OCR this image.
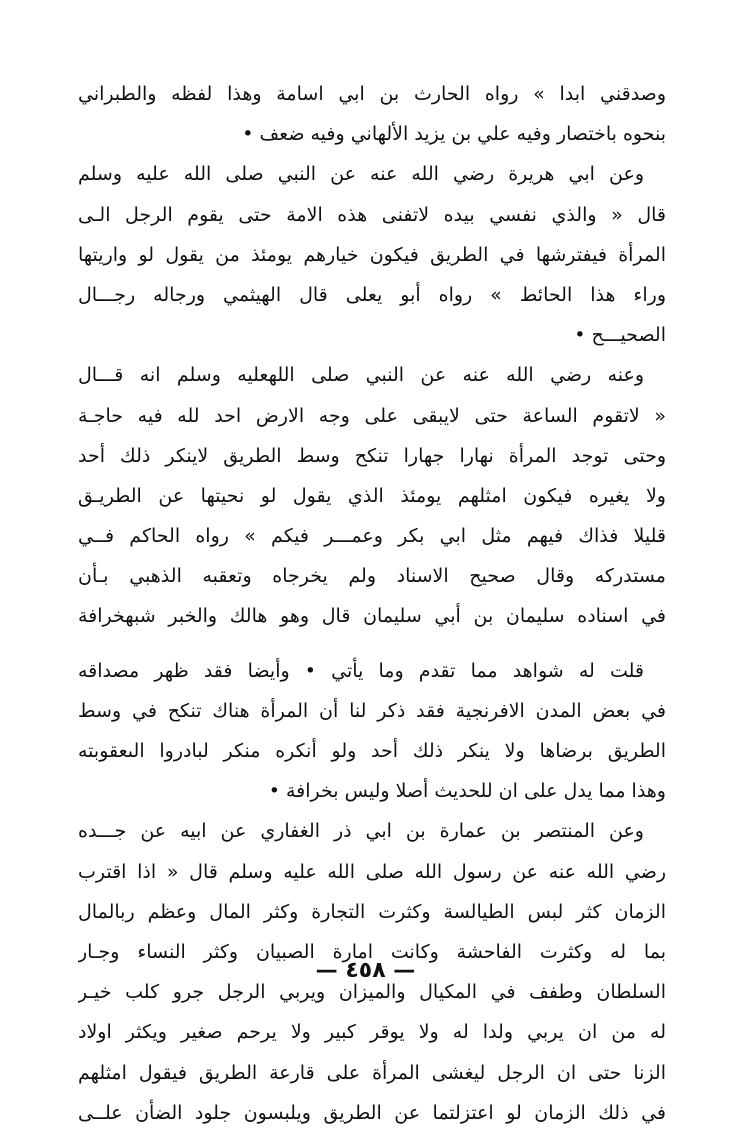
وصدقني ابدا » رواه الحارث بن ابي اسامة وهذا لفظه والطبراني
بنحوه باختصار وفيه علي بن يزيد الألهاني وفيه ضعف •
وعن ابي هريرة رضي الله عنه عن النبي صلى الله عليه وسلم
قال « والذي نفسي بيده لاتفنى هذه الامة حتى يقوم الرجل الـى
المرأة فيفترشها في الطريق فيكون خيارهم يومئذ من يقول لو واريتها
وراء هذا الحائط » رواه أبو يعلى قال الهيثمي ورجاله رجـــال
الصحيـــح •
وعنه رضي الله عنه عن النبي صلى اللهعليه وسلم انه قـــال
« لاتقوم الساعة حتى لايبقى على وجه الارض احد لله فيه حاجـة
وحتى توجد المرأة نهارا جهارا تنكح وسط الطريق لاينكر ذلك أحد
ولا يغيره فيكون امثلهم يومئذ الذي يقول لو نحيتها عن الطريـق
قليلا فذاك فيهم مثل ابي بكر وعمـــر فيكم » رواه الحاكم فــي
مستدركه وقال صحيح الاسناد ولم يخرجاه وتعقبه الذهبي بـأن
في اسناده سليمان بن أبي سليمان قال وهو هالك والخبر شبهخرافة
قلت له شواهد مما تقدم وما يأتي • وأيضا فقد ظهر مصداقه
في بعض المدن الافرنجية فقد ذكر لنا أن المرأة هناك تنكح في وسط
الطريق برضاها ولا ينكر ذلك أحد ولو أنكره منكر لبادروا الىعقوبته
وهذا مما يدل على ان للحديث أصلا وليس بخرافة •
وعن المنتصر بن عمارة بن ابي ذر الغفاري عن ابيه عن جـــده
رضي الله عنه عن رسول الله صلى الله عليه وسلم قال « اذا اقترب
الزمان كثر لبس الطيالسة وكثرت التجارة وكثر المال وعظم ربالمال
بما له وكثرت الفاحشة وكانت امارة الصبيان وكثر النساء وجـار
السلطان وطفف في المكيال والميزان ويربي الرجل جرو كلب خيـر
له من ان يربي ولدا له ولا يوقر كبير ولا يرحم صغير ويكثر اولاد
الزنا حتى ان الرجل ليغشى المرأة على قارعة الطريق فيقول امثلهم
في ذلك الزمان لو اعتزلتما عن الطريق ويلبسون جلود الضأن علــى
— ٤٥٨ —
